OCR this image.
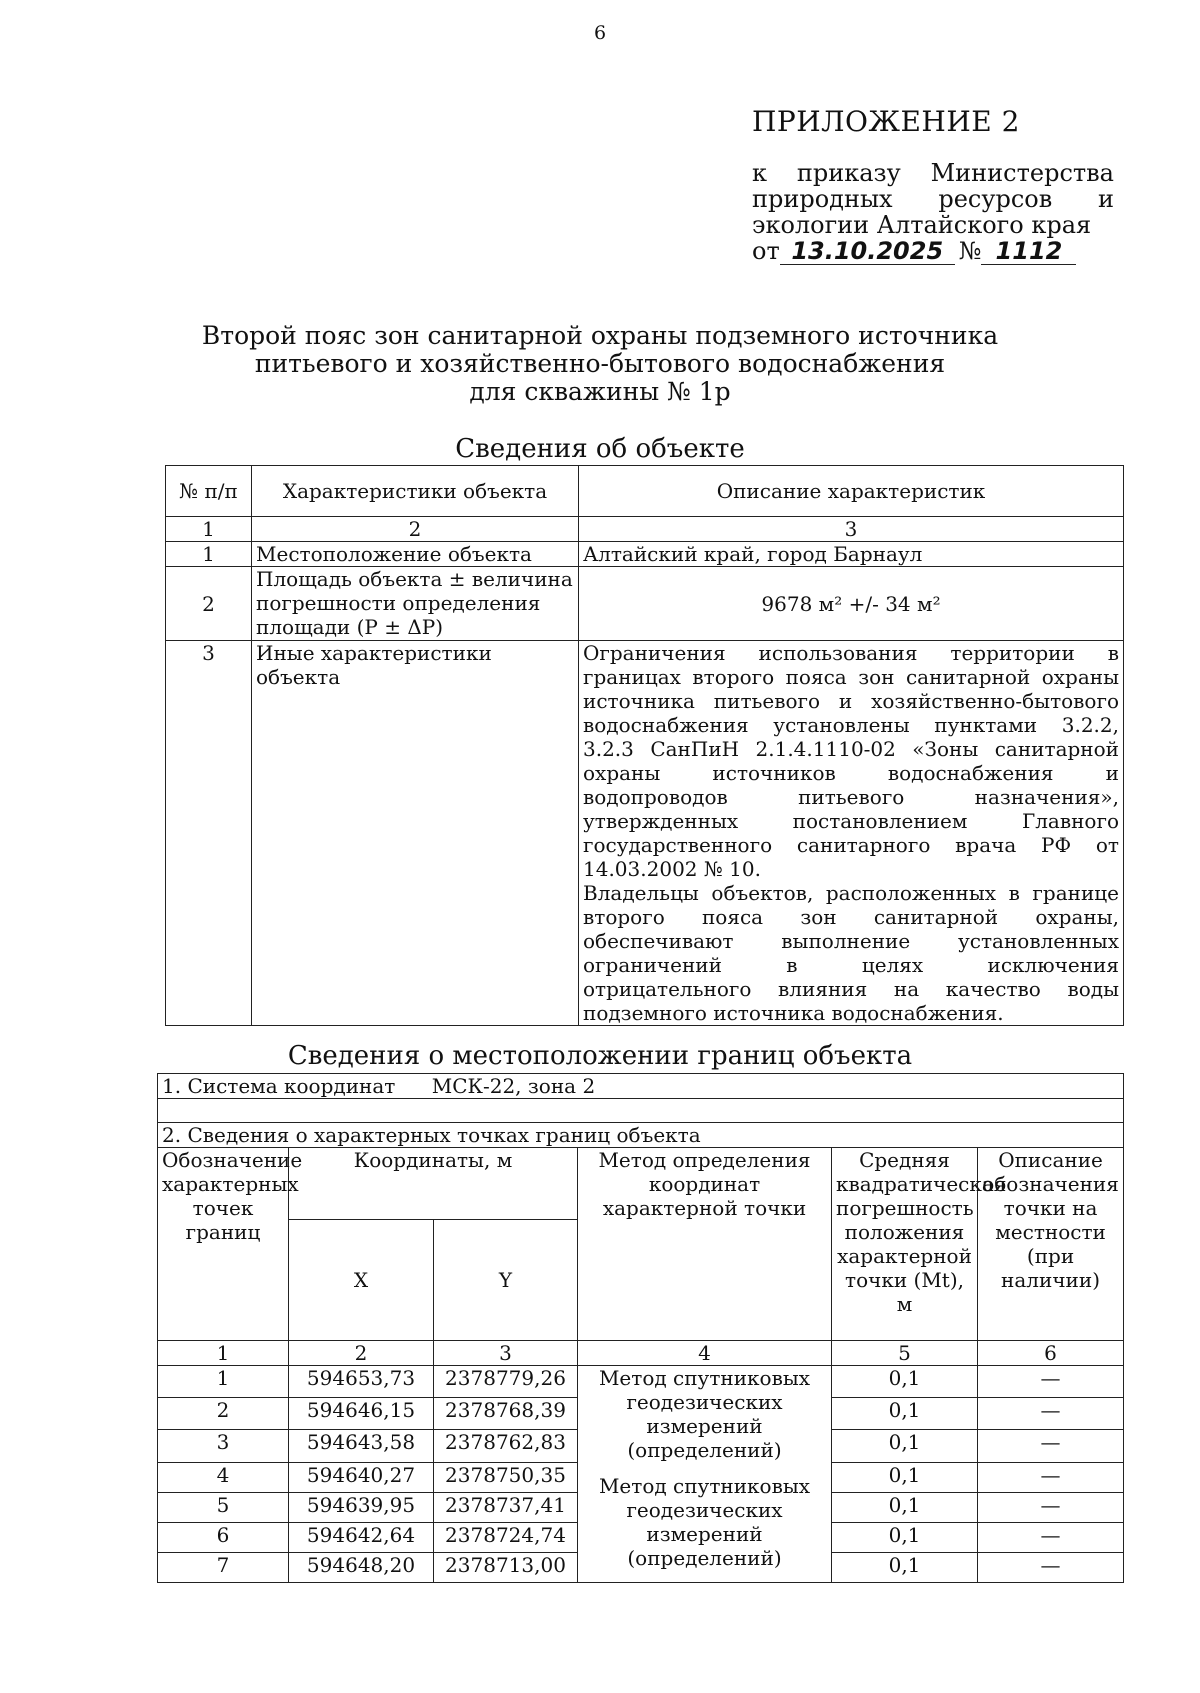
6
ПРИЛОЖЕНИЕ 2
к приказу Министерства
природных ресурсов и
экологии Алтайского края
от 13.10.2025 № 1112
Второй пояс зон санитарной охраны подземного источника
питьевого и хозяйственно-бытового водоснабжения
для скважины № 1р
Сведения об объекте
№ п/п	Характеристики объекта	Описание характеристик
1	2	3
1	Местоположение объекта	Алтайский край, город Барнаул
2	Площадь объекта ± величина погрешности определения площади (P ± ΔP)	9678 м² +/- 34 м²
3	Иные характеристики объекта	Ограничения использования территории в границах второго пояса зон санитарной охраны источника питьевого и хозяйственно-бытового водоснабжения установлены пунктами 3.2.2, 3.2.3 СанПиН 2.1.4.1110-02 «Зоны санитарной охраны источников водоснабжения и водопроводов питьевого назначения», утвержденных постановлением Главного государственного санитарного врача РФ от 14.03.2002 № 10.
Владельцы объектов, расположенных в границе второго пояса зон санитарной охраны, обеспечивают выполнение установленных ограничений в целях исключения отрицательного влияния на качество воды подземного источника водоснабжения.
Сведения о местоположении границ объекта
1. Система координат МСК-22, зона 2					

2. Сведения о характерных точках границ объекта					
Обозначение характерных точек границ	Координаты, м		Метод определения координат характерной точки	Средняя квадратическая погрешность положения характерной точки (Mt), м	Описание обозначения точки на местности (при наличии)
	X	Y			
1	2	3	4	5	6
1	594653,73	2378779,26	Метод спутниковых геодезических измерений (определений)	0,1	—
2	594646,15	2378768,39		0,1	—
3	594643,58	2378762,83		0,1	—
4	594640,27	2378750,35	Метод спутниковых геодезических измерений (определений)	0,1	—
5	594639,95	2378737,41		0,1	—
6	594642,64	2378724,74		0,1	—
7	594648,20	2378713,00		0,1	—
